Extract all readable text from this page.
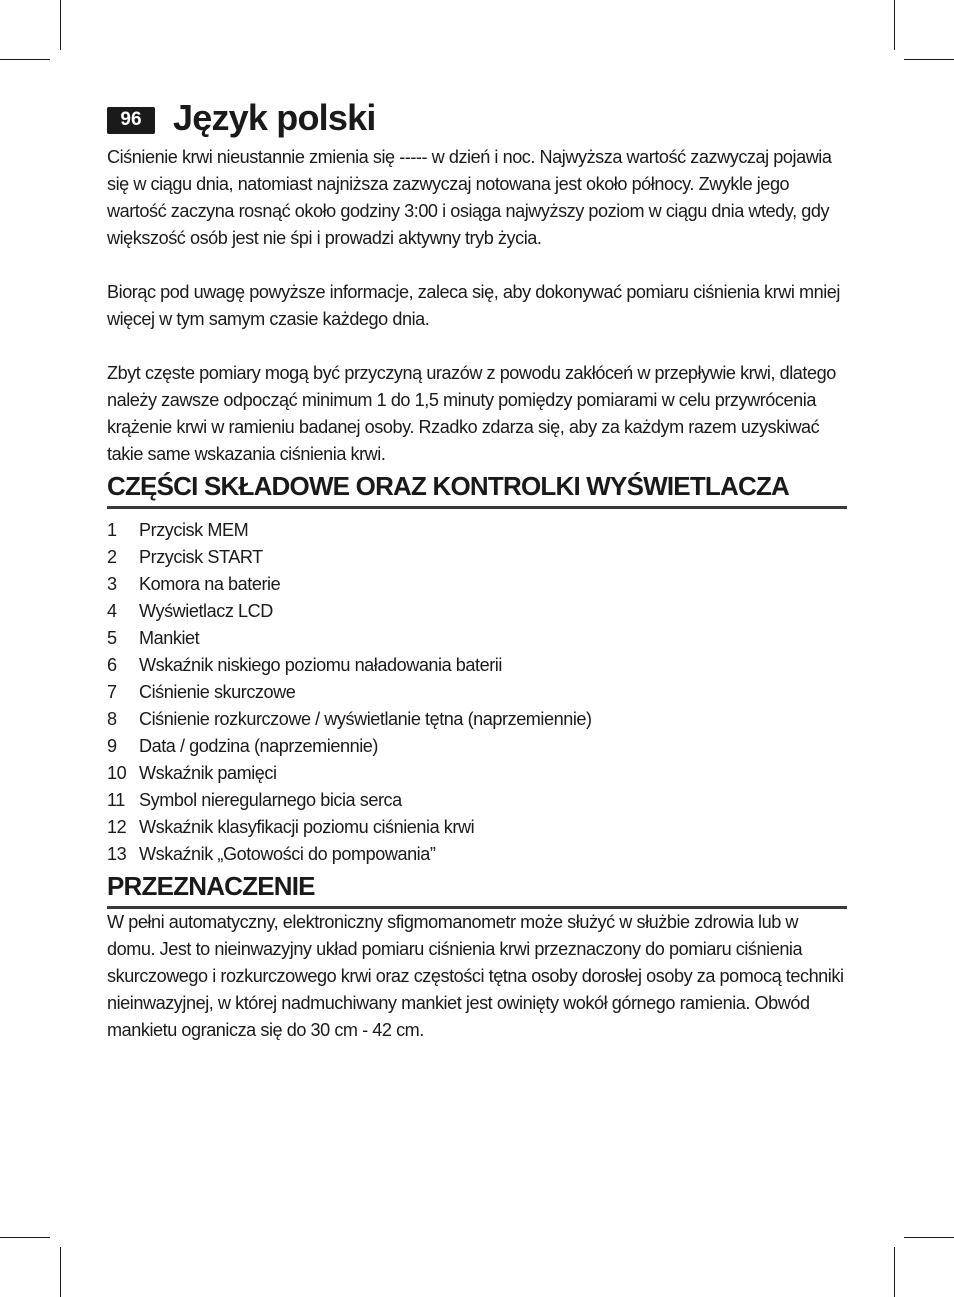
96 Język polski

Ciśnienie krwi nieustannie zmienia się ----- w dzień i noc. Najwyższa wartość zazwyczaj pojawia się w ciągu dnia, natomiast najniższa zazwyczaj notowana jest około północy. Zwykle jego wartość zaczyna rosnąć około godziny 3:00 i osiąga najwyższy poziom w ciągu dnia wtedy, gdy większość osób jest nie śpi i prowadzi aktywny tryb życia.

Biorąc pod uwagę powyższe informacje, zaleca się, aby dokonywać pomiaru ciśnienia krwi mniej więcej w tym samym czasie każdego dnia.

Zbyt częste pomiary mogą być przyczyną urazów z powodu zakłóceń w przepływie krwi, dlatego należy zawsze odpocząć minimum 1 do 1,5 minuty pomiędzy pomiarami w celu przywrócenia krążenie krwi w ramieniu badanej osoby. Rzadko zdarza się, aby za każdym razem uzyskiwać takie same wskazania ciśnienia krwi.

CZĘŚCI SKŁADOWE ORAZ KONTROLKI WYŚWIETLACZA
1	Przycisk MEM
2	Przycisk START
3	Komora na baterie
4	Wyświetlacz LCD
5	Mankiet
6	Wskaźnik niskiego poziomu naładowania baterii
7	Ciśnienie skurczowe
8	Ciśnienie rozkurczowe / wyświetlanie tętna (naprzemiennie)
9	Data / godzina (naprzemiennie)
10 Wskaźnik pamięci
11 Symbol nieregularnego bicia serca
12 Wskaźnik klasyfikacji poziomu ciśnienia krwi
13 Wskaźnik „Gotowości do pompowania”
PRZEZNACZENIE

W pełni automatyczny, elektroniczny sfigmomanometr może służyć w służbie zdrowia lub w domu. Jest to nieinwazyjny układ pomiaru ciśnienia krwi przeznaczony do pomiaru ciśnienia skurczowego i rozkurczowego krwi oraz częstości tętna osoby dorosłej osoby za pomocą techniki nieinwazyjnej, w której nadmuchiwany mankiet jest owinięty wokół górnego ramienia. Obwód mankietu ogranicza się do 30 cm - 42 cm.
